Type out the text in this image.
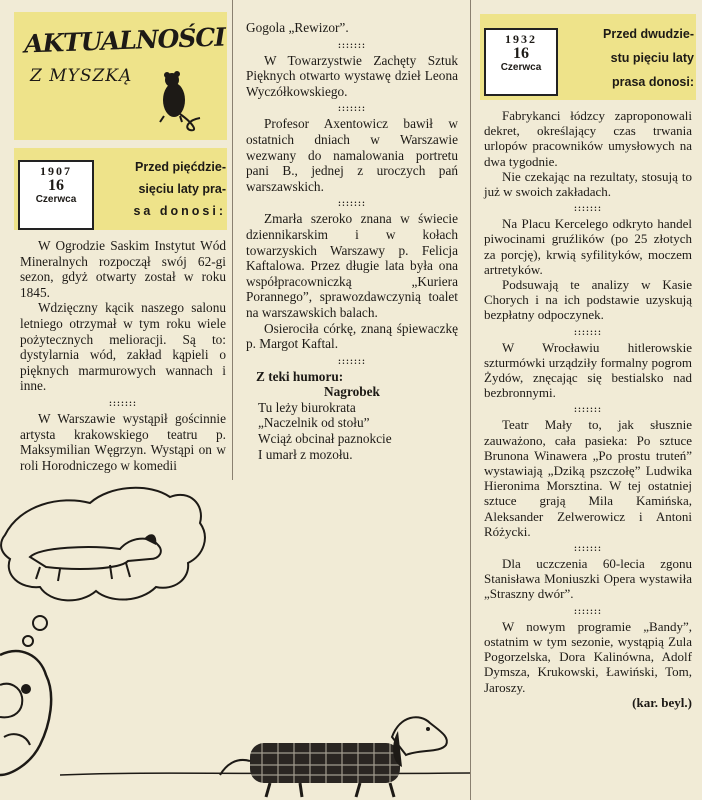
AKTUALNOŚCI
Z MYSZKĄ
1907
16
Czerwca
Przed pięćdzie-
sięciu laty pra-
sa donosi:

W Ogrodzie Saskim Instytut Wód Mineralnych rozpoczął swój 62-gi sezon, gdyż otwarty został w roku 1845.

Wdzięczny kącik naszego salonu letniego otrzymał w tym roku wiele pożytecznych melioracji. Są to: dystylarnia wód, zakład kąpieli o pięknych marmurowych wannach i inne.

:::::::

W Warszawie wystąpił gościnnie artysta krakowskiego teatru p. Maksymilian Węgrzyn. Wystąpi on w roli Horodniczego w komedii

Gogola „Rewizor”.

:::::::

W Towarzystwie Zachęty Sztuk Pięknych otwarto wystawę dzieł Leona Wyczółkowskiego.

:::::::

Profesor Axentowicz bawił w ostatnich dniach w Warszawie wezwany do namalowania portretu pani B., jednej z uroczych pań warszawskich.

:::::::

Zmarła szeroko znana w świecie dziennikarskim i w kołach towarzyskich Warszawy p. Felicja Kaftalowa. Przez długie lata była ona współpracowniczką „Kuriera Porannego”, sprawozdawczynią toalet na warszawskich balach.

Osierociła córkę, znaną śpiewaczkę p. Margot Kaftal.

:::::::

Z teki humoru:

Nagrobek

Tu leży biurokrata
„Naczelnik od stołu”
Wciąż obcinał paznokcie
I umarł z mozołu.
1932
16
Czerwca
Przed dwudzie-
stu pięciu laty
prasa donosi:

Fabrykanci łódzcy zaproponowali dekret, określający czas trwania urlopów pracowników umysłowych na dwa tygodnie.

Nie czekając na rezultaty, stosują to już w swoich zakładach.

:::::::

Na Placu Kercelego odkryto handel piwocinami gruźlików (po 25 złotych za porcję), krwią syfilityków, moczem artretyków.

Podsuwają te analizy w Kasie Chorych i na ich podstawie uzyskują bezpłatny odpoczynek.

:::::::

W Wrocławiu hitlerowskie szturmówki urządziły formalny pogrom Żydów, znęcając się bestialsko nad bezbronnymi.

:::::::

Teatr Mały to, jak słusznie zauważono, cała pasieka: Po sztuce Brunona Winawera „Po prostu truteń” wystawiają „Dziką pszczołę” Ludwika Hieronima Morsztina. W tej ostatniej sztuce grają Mila Kamińska, Aleksander Zelwerowicz i Antoni Różycki.

:::::::

Dla uczczenia 60-lecia zgonu Stanisława Moniuszki Opera wystawiła „Straszny dwór”.

:::::::

W nowym programie „Bandy”, ostatnim w tym sezonie, wystąpią Zula Pogorzelska, Dora Kalinówna, Adolf Dymsza, Krukowski, Ławiński, Tom, Jaroszy.

(kar. beyl.)
